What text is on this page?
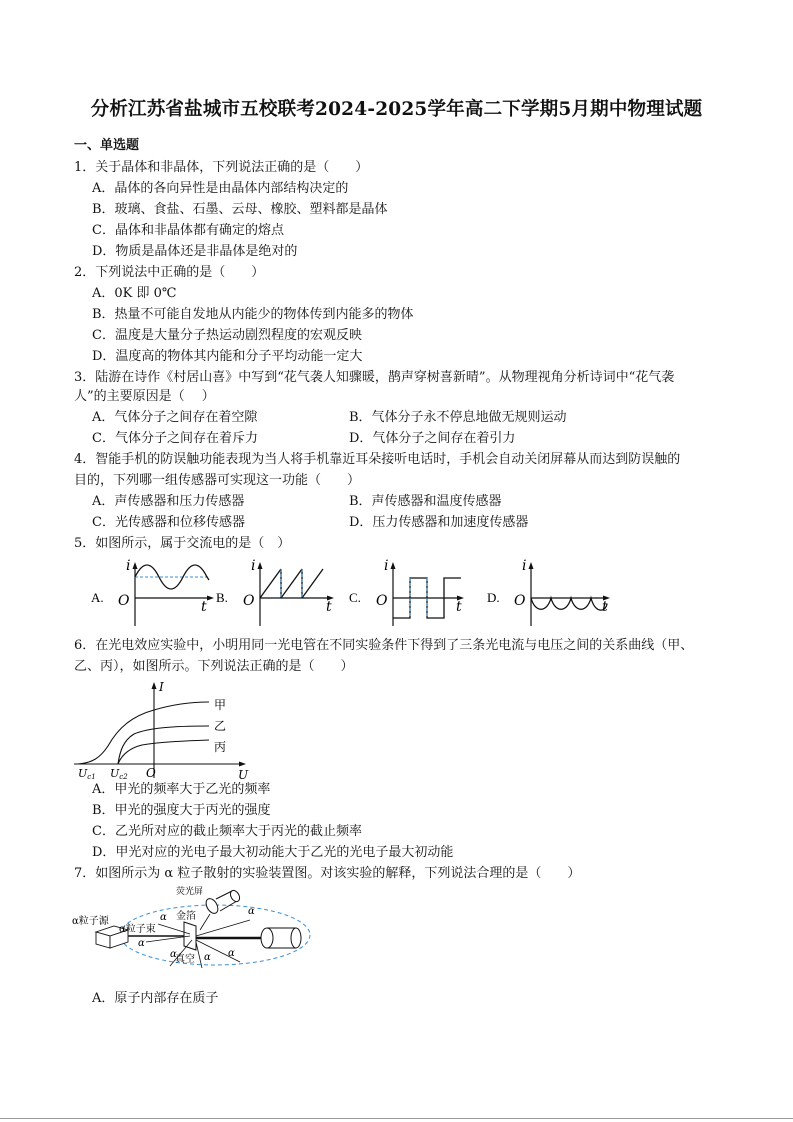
分析江苏省盐城市五校联考2024-2025学年高二下学期5月期中物理试题
一、单选题
1．关于晶体和非晶体，下列说法正确的是（　　）
A．晶体的各向异性是由晶体内部结构决定的
B．玻璃、食盐、石墨、云母、橡胶、塑料都是晶体
C．晶体和非晶体都有确定的熔点
D．物质是晶体还是非晶体是绝对的
2．下列说法中正确的是（　　）
A．0K 即 0℃
B．热量不可能自发地从内能少的物体传到内能多的物体
C．温度是大量分子热运动剧烈程度的宏观反映
D．温度高的物体其内能和分子平均动能一定大
3．陆游在诗作《村居山喜》中写到“花气袭人知骤暖，鹊声穿树喜新晴”。从物理视角分析诗词中“花气袭
人”的主要原因是（　 ）
A．气体分子之间存在着空隙	B．气体分子永不停息地做无规则运动
C．气体分子之间存在着斥力	D．气体分子之间存在着引力
4．智能手机的防误触功能表现为当人将手机靠近耳朵接听电话时，手机会自动关闭屏幕从而达到防误触的
目的，下列哪一组传感器可实现这一功能（　　）
A．声传感器和压力传感器	B．声传感器和温度传感器
C．光传感器和位移传感器	D．压力传感器和加速度传感器
5．如图所示，属于交流电的是（　）
A.
i
t
O	B.
i
t
O	C.
i
t
O	D.
i
t
O
6．在光电效应实验中，小明用同一光电管在不同实验条件下得到了三条光电流与电压之间的关系曲线（甲、
乙、丙），如图所示。下列说法正确的是（　　）
I
U
O
甲
乙
丙
Uc1 Uc2
A．甲光的频率大于乙光的频率
B．甲光的强度大于丙光的强度
C．乙光所对应的截止频率大于丙光的截止频率
D．甲光对应的光电子最大初动能大于乙光的光电子最大初动能
7．如图所示为 α 粒子散射的实验装置图。对该实验的解释，下列说法合理的是（　　）
荧光屏
金箔
α粒子源
α粒子束
真空
α
α
α	α α
α
A．原子内部存在质子
